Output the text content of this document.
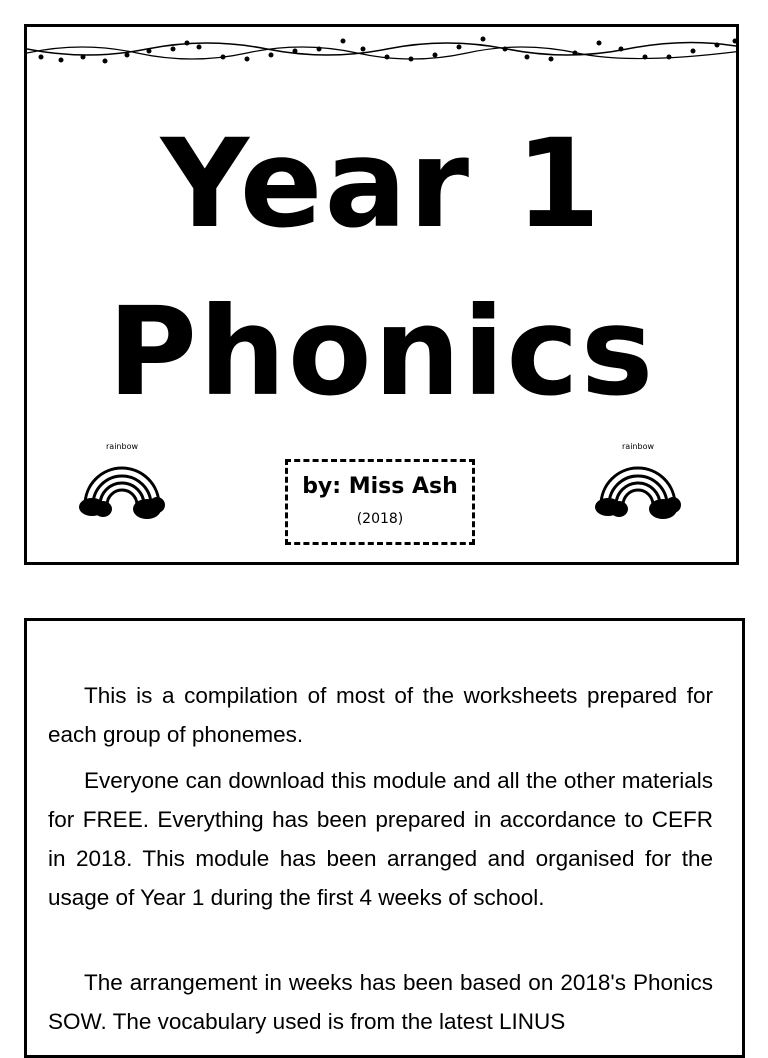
Year 1
Phonics
rainbow	rainbow
by: Miss Ash
(2018)

This is a compilation of most of the worksheets prepared for each group of phonemes.

Everyone can download this module and all the other materials for FREE. Everything has been prepared in accordance to CEFR in 2018. This module has been arranged and organised for the usage of Year 1 during the first 4 weeks of school.

The arrangement in weeks has been based on 2018's Phonics SOW. The vocabulary used is from the latest LINUS
